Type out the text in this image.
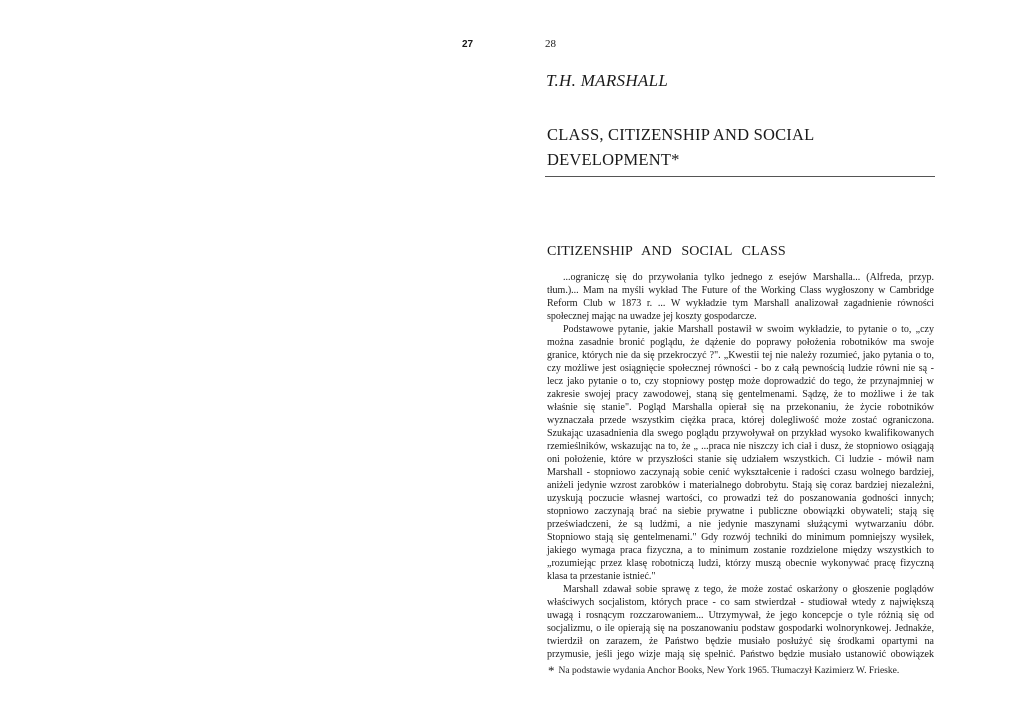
27	28
T.H. MARSHALL
CLASS, CITIZENSHIP AND SOCIAL
DEVELOPMENT*
CITIZENSHIP AND SOCIAL CLASS
...ograniczę się do przywołania tylko jednego z esejów Marshalla... (Alfreda, przyp.
tłum.)... Mam na myśli wykład The Future of the Working Class wygłoszony w Cambridge
Reform Club w 1873 r. ... W wykładzie tym Marshall analizował zagadnienie równości
społecznej mając na uwadze jej koszty gospodarcze.
Podstawowe pytanie, jakie Marshall postawił w swoim wykładzie, to pytanie o to, „czy
można zasadnie bronić poglądu, że dążenie do poprawy położenia robotników ma swoje
granice, których nie da się przekroczyć ?". „Kwestii tej nie należy rozumieć, jako pytania o to,
czy możliwe jest osiągnięcie społecznej równości - bo z całą pewnością ludzie równi nie są -
lecz jako pytanie o to, czy stopniowy postęp może doprowadzić do tego, że przynajmniej w
zakresie swojej pracy zawodowej, staną się gentelmenami. Sądzę, że to możliwe i że tak
właśnie się stanie". Pogląd Marshalla opierał się na przekonaniu, że życie robotników
wyznaczała przede wszystkim ciężka praca, której dolegliwość może zostać ograniczona.
Szukając uzasadnienia dla swego poglądu przywoływał on przykład wysoko kwalifikowanych
rzemieślników, wskazując na to, że „ ...praca nie niszczy ich ciał i dusz, że stopniowo osiągają
oni położenie, które w przyszłości stanie się udziałem wszystkich. Ci ludzie - mówił nam
Marshall - stopniowo zaczynają sobie cenić wykształcenie i radości czasu wolnego bardziej,
aniżeli jedynie wzrost zarobków i materialnego dobrobytu. Stają się coraz bardziej niezależni,
uzyskują poczucie własnej wartości, co prowadzi też do poszanowania godności innych;
stopniowo zaczynają brać na siebie prywatne i publiczne obowiązki obywateli; stają się
przeświadczeni, że są ludźmi, a nie jedynie maszynami służącymi wytwarzaniu dóbr.
Stopniowo stają się gentelmenami." Gdy rozwój techniki do minimum pomniejszy wysiłek,
jakiego wymaga praca fizyczna, a to minimum zostanie rozdzielone między wszystkich to
„rozumiejąc przez klasę robotniczą ludzi, którzy muszą obecnie wykonywać pracę fizyczną
klasa ta przestanie istnieć."
Marshall zdawał sobie sprawę z tego, że może zostać oskarżony o głoszenie poglądów
właściwych socjalistom, których prace - co sam stwierdzał - studiował wtedy z największą
uwagą i rosnącym rozczarowaniem... Utrzymywał, że jego koncepcje o tyle różnią się od
socjalizmu, o ile opierają się na poszanowaniu podstaw gospodarki wolnorynkowej. Jednakże,
twierdził on zarazem, że Państwo będzie musiało posłużyć się środkami opartymi na
przymusie, jeśli jego wizje mają się spełnić. Państwo będzie musiało ustanowić obowiązek
* Na podstawie wydania Anchor Books, New York 1965. Tłumaczył Kazimierz W. Frieske.
